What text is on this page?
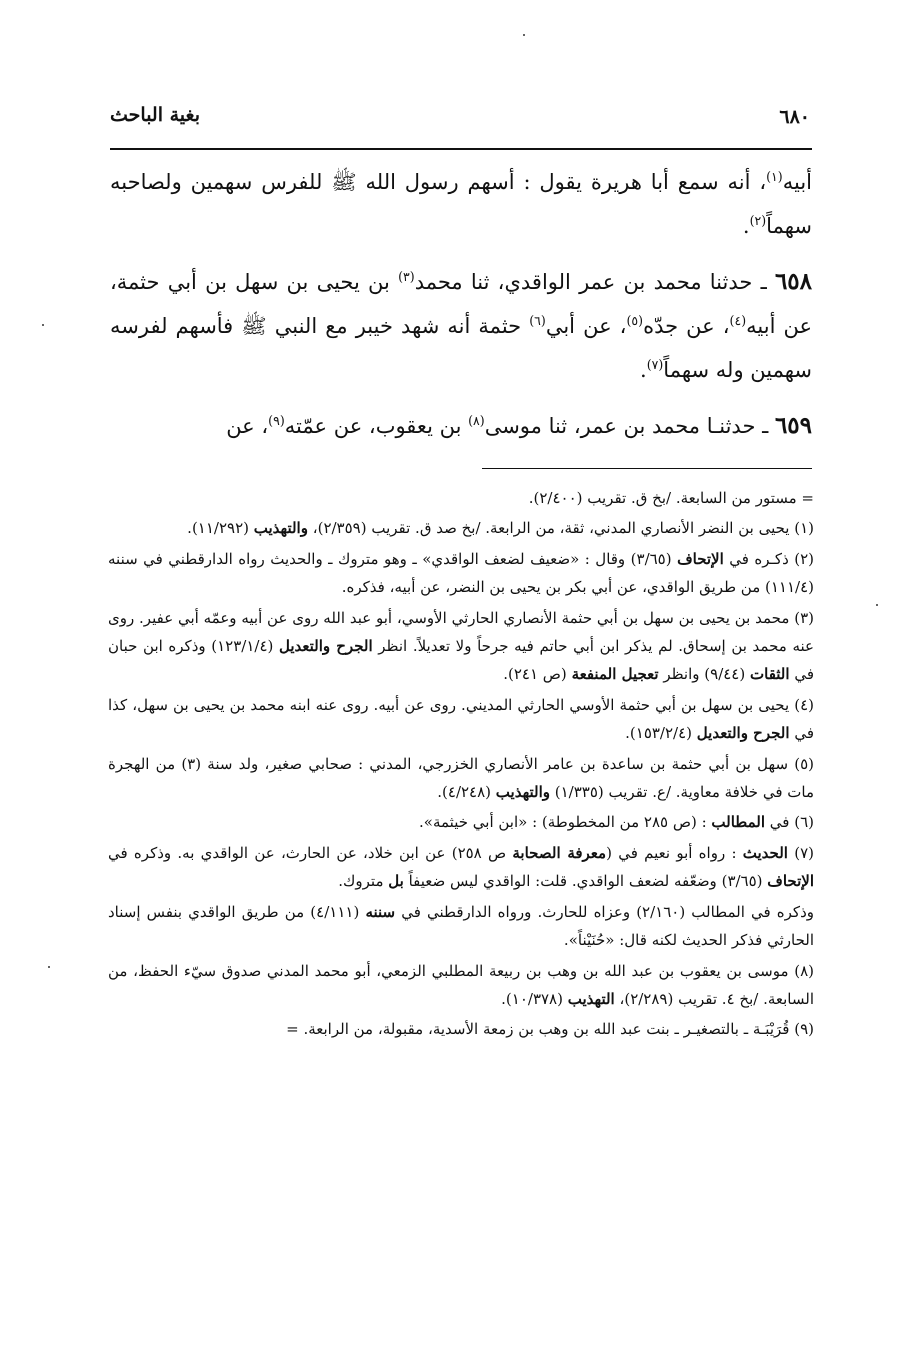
٦٨٠
بغية الباحث

أبيه$^{(١)}$، أنه سمع أبا هريرة يقول : أسهم رسول الله ﷺ للفرس سهمين ولصاحبه سهماً$^{(٢)}$.

٦٥٨ ـ حدثنا محمد بن عمر الواقدي، ثنا محمد$^{(٣)}$ بن يحيى بن سهل بن أبي حثمة، عن أبيه$^{(٤)}$، عن جدّه$^{(٥)}$، عن أبي$^{(٦)}$ حثمة أنه شهد خيبر مع النبي ﷺ فأسهم لفرسه سهمين وله سهماً$^{(٧)}$.

٦٥٩ ـ حدثنـا محمد بن عمر، ثنا موسى$^{(٨)}$ بن يعقوب، عن عمّته$^{(٩)}$، عن

= مستور من السابعة. /بخ ق. تقريب (٢/٤٠٠).

(١) يحيى بن النضر الأنصاري المدني، ثقة، من الرابعة. /بخ صد ق. تقريب (٢/٣٥٩)، والتهذيب (١١/٢٩٢).

(٢) ذكـره في الإتحاف (٣/٦٥) وقال : «ضعيف لضعف الواقدي» ـ وهو متروك ـ والحديث رواه الدارقطني في سننه (١١١/٤) من طريق الواقدي، عن أبي بكر بن يحيى بن النضر، عن أبيه، فذكره.

(٣) محمد بن يحيى بن سهل بن أبي حثمة الأنصاري الحارثي الأوسي، أبو عبد الله روى عن أبيه وعمّه أبي عفير. روى عنه محمد بن إسحاق. لم يذكر ابن أبي حاتم فيه جرحاً ولا تعديلاً. انظر الجرح والتعديل (١٢٣/١/٤) وذكره ابن حبان في الثقات (٩/٤٤) وانظر تعجيل المنفعة (ص ٢٤١).

(٤) يحيى بن سهل بن أبي حثمة الأوسي الحارثي المديني. روى عن أبيه. روى عنه ابنه محمد بن يحيى بن سهل، كذا في الجرح والتعديل (١٥٣/٢/٤).

(٥) سهل بن أبي حثمة بن ساعدة بن عامر الأنصاري الخزرجي، المدني : صحابي صغير، ولد سنة (٣) من الهجرة مات في خلافة معاوية. /ع. تقريب (١/٣٣٥) والتهذيب (٤/٢٤٨).

(٦) في المطالب : (ص ٢٨٥ من المخطوطة) : «ابن أبي خيثمة».

(٧) الحديث : رواه أبو نعيم في (معرفة الصحابة ص ٢٥٨) عن ابن خلاد، عن الحارث، عن الواقدي به. وذكره في الإتحاف (٣/٦٥) وضعّفه لضعف الواقدي. قلت: الواقدي ليس ضعيفاً بل متروك.

وذكره في المطالب (٢/١٦٠) وعزاه للحارث. ورواه الدارقطني في سننه (٤/١١١) من طريق الواقدي بنفس إسناد الحارثي فذكر الحديث لكنه قال: «حُنَيْناً».

(٨) موسى بن يعقوب بن عبد الله بن وهب بن ربيعة المطلبي الزمعي، أبو محمد المدني صدوق سيّء الحفظ، من السابعة. /بخ ٤. تقريب (٢/٢٨٩)، التهذيب (١٠/٣٧٨).

(٩) قُرَيْبَـة ـ بالتصغيـر ـ بنت عبد الله بن وهب بن زمعة الأسدية، مقبولة، من الرابعة. =
